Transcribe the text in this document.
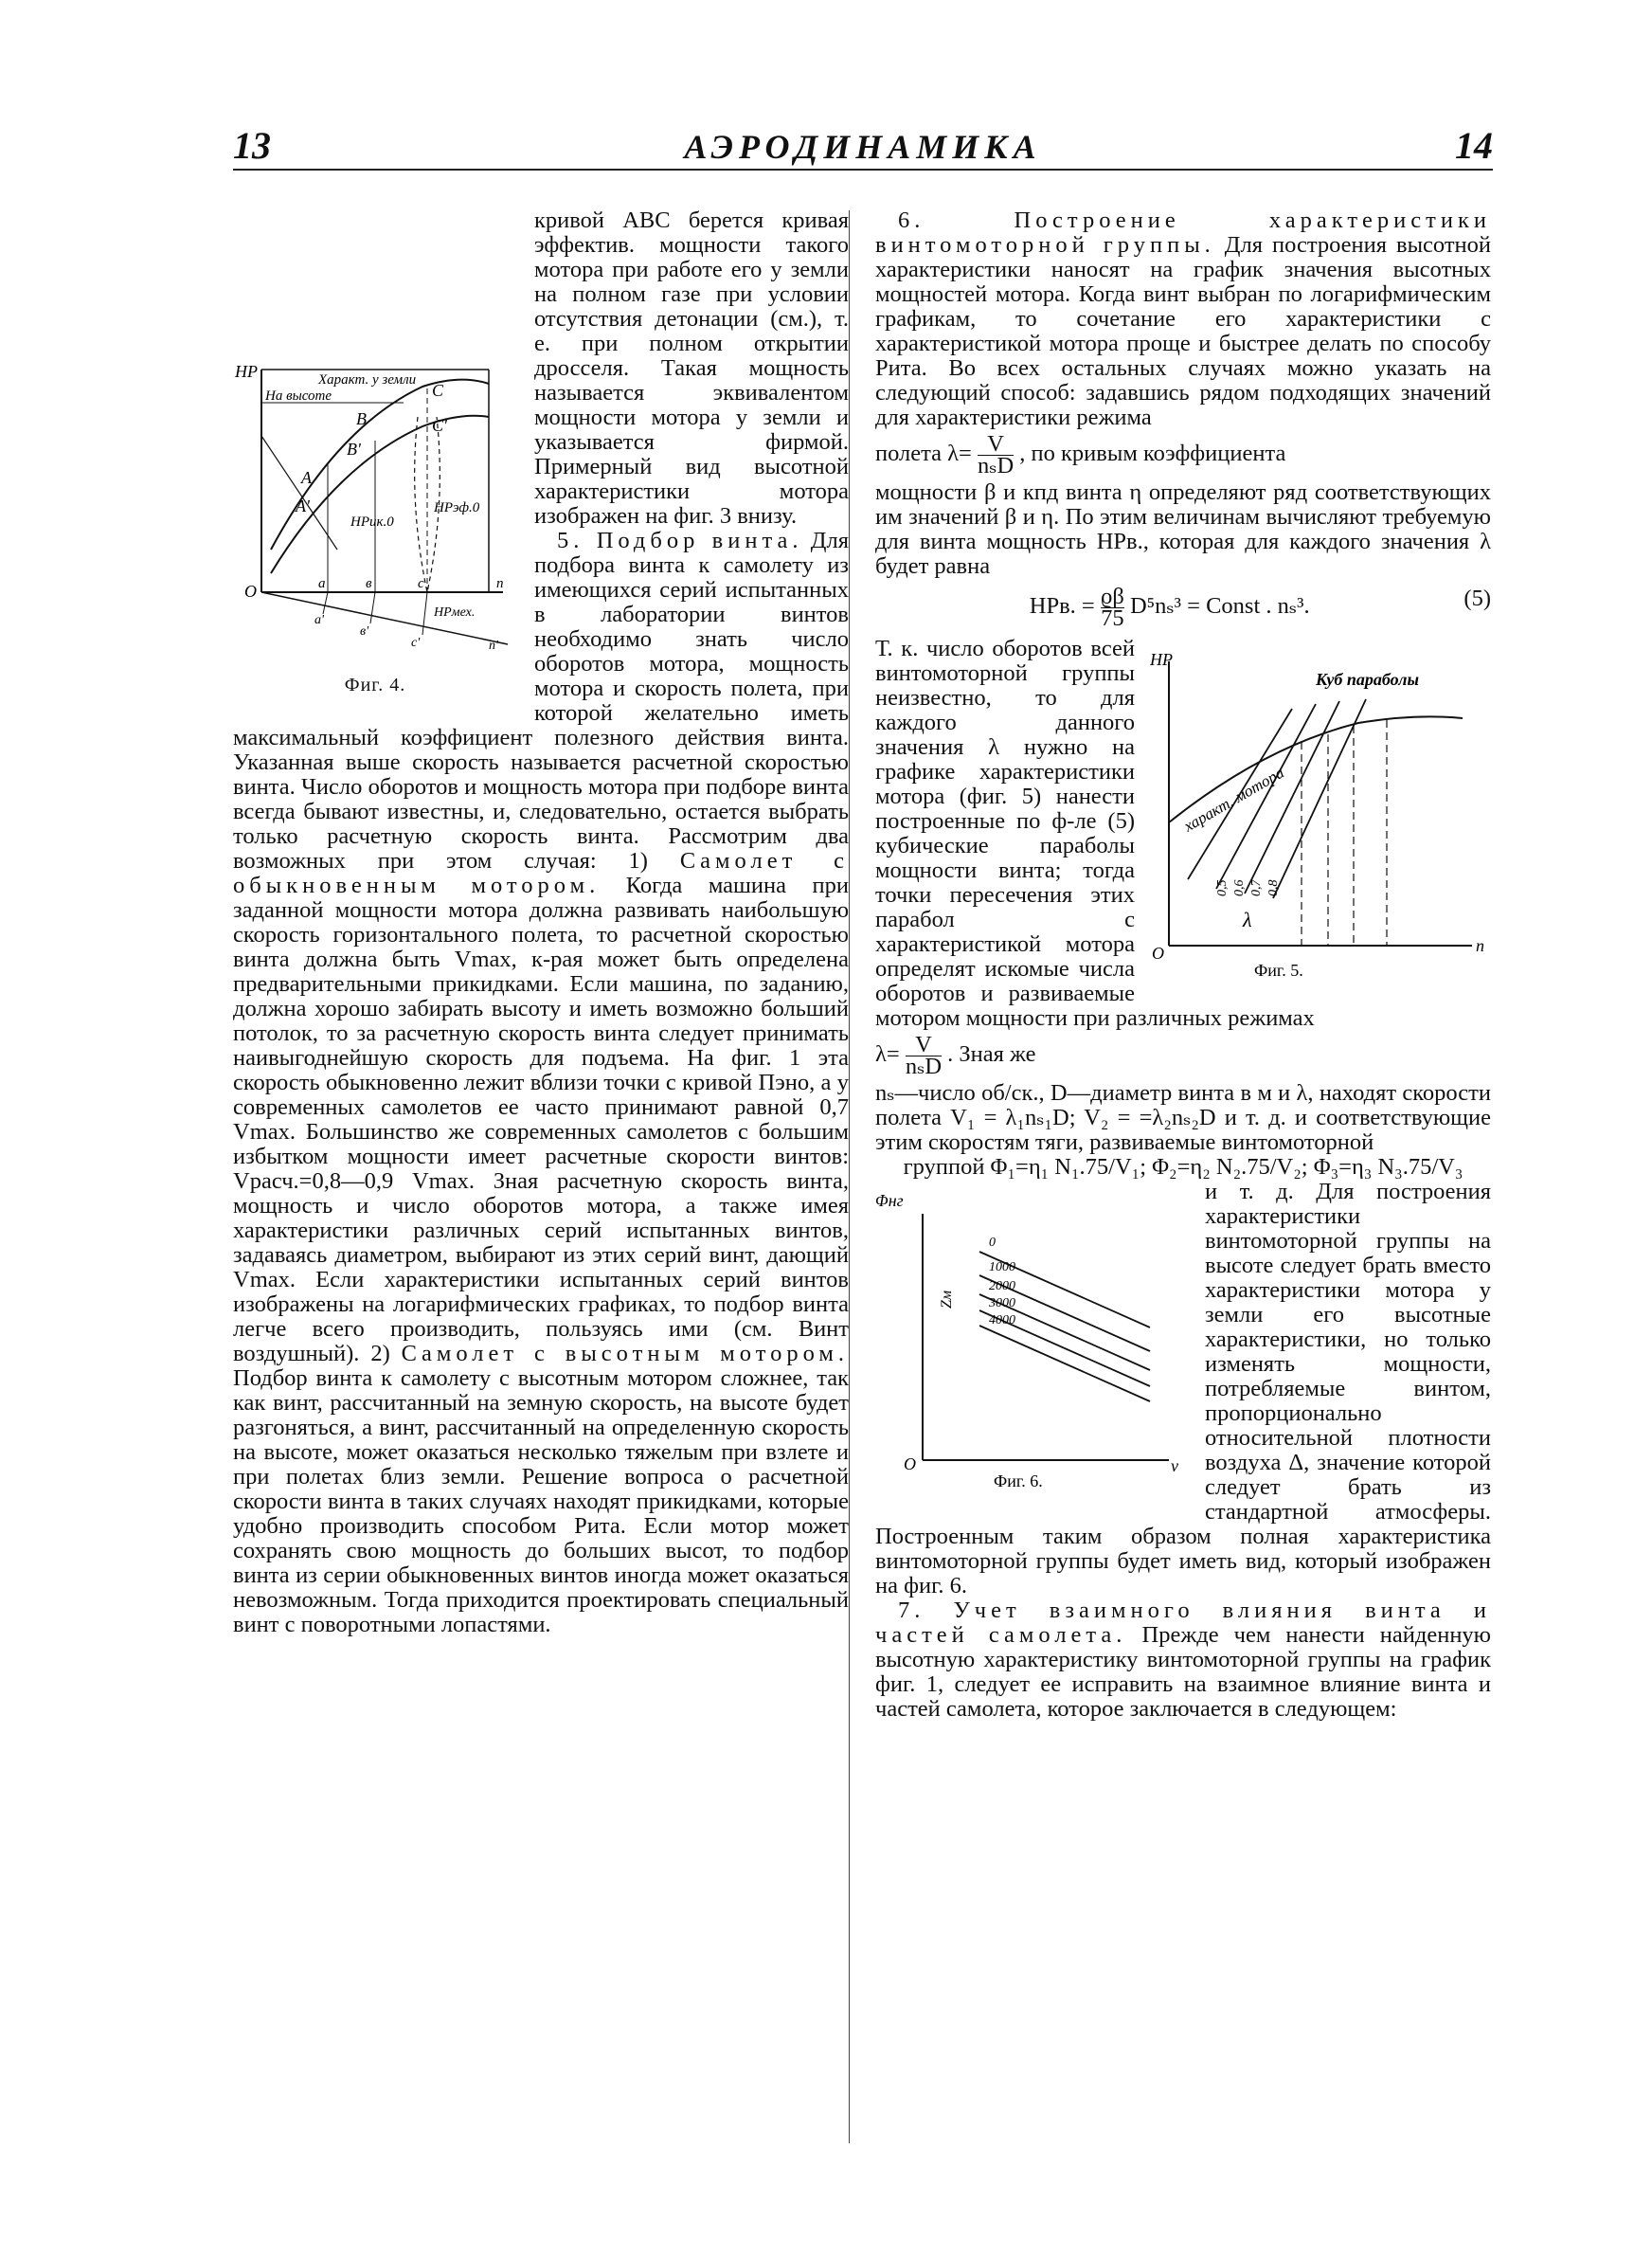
13	АЭРОДИНАМИКА	14
HP	Характ. у земли
На высоте
A
A'
B
B'
C
C'
HPик.0
HPэф.0
O	a	в	c	n
a'
в'
c'
HPмех.
n'
Фиг. 4.

кривой ABC берется кривая эффектив. мощности такого мотора при работе его у земли на полном газе при условии отсутствия детонации (см.), т. е. при полном открытии дросселя. Такая мощность называется эквивалентом мощности мотора у земли и указывается фирмой. Примерный вид высотной характеристики мотора изображен на фиг. 3 внизу.

5. Подбор винта. Для подбора винта к самолету из имеющихся серий испытанных в лаборатории винтов необходимо знать число оборотов мотора, мощность мотора и скорость полета, при которой желательно иметь максимальный коэффициент полезного действия винта. Указанная выше скорость называется расчетной скоростью винта. Число оборотов и мощность мотора при подборе винта всегда бывают известны, и, следовательно, остается выбрать только расчетную скорость винта. Рассмотрим два возможных при этом случая: 1) Самолет с обыкновенным мотором. Когда машина при заданной мощности мотора должна развивать наибольшую скорость горизонтального полета, то расчетной скоростью винта должна быть Vmax, к-рая может быть определена предварительными прикидками. Если машина, по заданию, должна хорошо забирать высоту и иметь возможно больший потолок, то за расчетную скорость винта следует принимать наивыгоднейшую скорость для подъема. На фиг. 1 эта скорость обыкновенно лежит вблизи точки c кривой Пэно, а у современных самолетов ее часто принимают равной 0,7 Vmax. Большинство же современных самолетов с большим избытком мощности имеет расчетные скорости винтов: Vрасч.=0,8—0,9 Vmax. Зная расчетную скорость винта, мощность и число оборотов мотора, а также имея характеристики различных серий испытанных винтов, задаваясь диаметром, выбирают из этих серий винт, дающий Vmax. Если характеристики испытанных серий винтов изображены на логарифмических графиках, то подбор винта легче всего производить, пользуясь ими (см. Винт воздушный). 2) Самолет с высотным мотором. Подбор винта к самолету с высотным мотором сложнее, так как винт, рассчитанный на земную скорость, на высоте будет разгоняться, а винт, рассчитанный на определенную скорость на высоте, может оказаться несколько тяжелым при взлете и при полетах близ земли. Решение вопроса о расчетной скорости винта в таких случаях находят прикидками, которые удобно производить способом Рита. Если мотор может сохранять свою мощность до больших высот, то подбор винта из серии обыкновенных винтов иногда может оказаться невозможным. Тогда приходится проектировать специальный винт с поворотными лопастями.

6. Построение характеристики винтомоторной группы. Для построения высотной характеристики наносят на график значения высотных мощностей мотора. Когда винт выбран по логарифмическим графикам, то сочетание его характеристики с характеристикой мотора проще и быстрее делать по способу Рита. Во всех остальных случаях можно указать на следующий способ: задавшись рядом подходящих значений для характеристики режима

полета λ= V
nₛD , по кривым коэффициента

мощности β и кпд винта η определяют ряд соответствующих им значений β и η. По этим величинам вычисляют требуемую для винта мощность HPв., которая для каждого значения λ будет равна

(5)
HPв. = $\frac{ϱ\beta}{75} D^5n_s^3$ = Const . nₛ³.
HP
Куб параболы
характ. мотора
0,5 0,6 0,7 0,8
λ
O	n
Фиг. 5.

Т. к. число оборотов всей винтомоторной группы неизвестно, то для каждого данного значения λ нужно на графике характеристики мотора (фиг. 5) нанести построенные по ф-ле (5) кубические параболы мощности винта; тогда точки пересечения этих парабол с характеристикой мотора определят искомые числа оборотов и развиваемые мотором мощности при различных режимах

λ= V
nₛD . Зная же

nₛ—число об/ск., D—диаметр винта в м и λ, находят скорости полета V₁ = λ₁nₛ₁D; V₂ = =λ₂nₛ₂D и т. д. и соответствующие этим скоростям тяги, развиваемые винтомоторной

группой Φ₁=η₁ N₁.75/V₁; Φ₂=η₂ N₂.75/V₂; Φ₃=η₃ N₃.75/V₃

Φнг
Zм
0
1000
2000
3000
4000
O	v
Фиг. 6.

и т. д. Для построения характеристики винтомоторной группы на высоте следует брать вместо характеристики мотора у земли его высотные характеристики, но только изменять мощности, потребляемые винтом, пропорционально относительной плотности воздуха Δ, значение которой следует брать из стандартной атмосферы. Построенным таким образом полная характеристика винтомоторной группы будет иметь вид, который изображен на фиг. 6.

7. Учет взаимного влияния винта и частей самолета. Прежде чем нанести найденную высотную характеристику винтомоторной группы на график фиг. 1, следует ее исправить на взаимное влияние винта и частей самолета, которое заключается в следующем:
